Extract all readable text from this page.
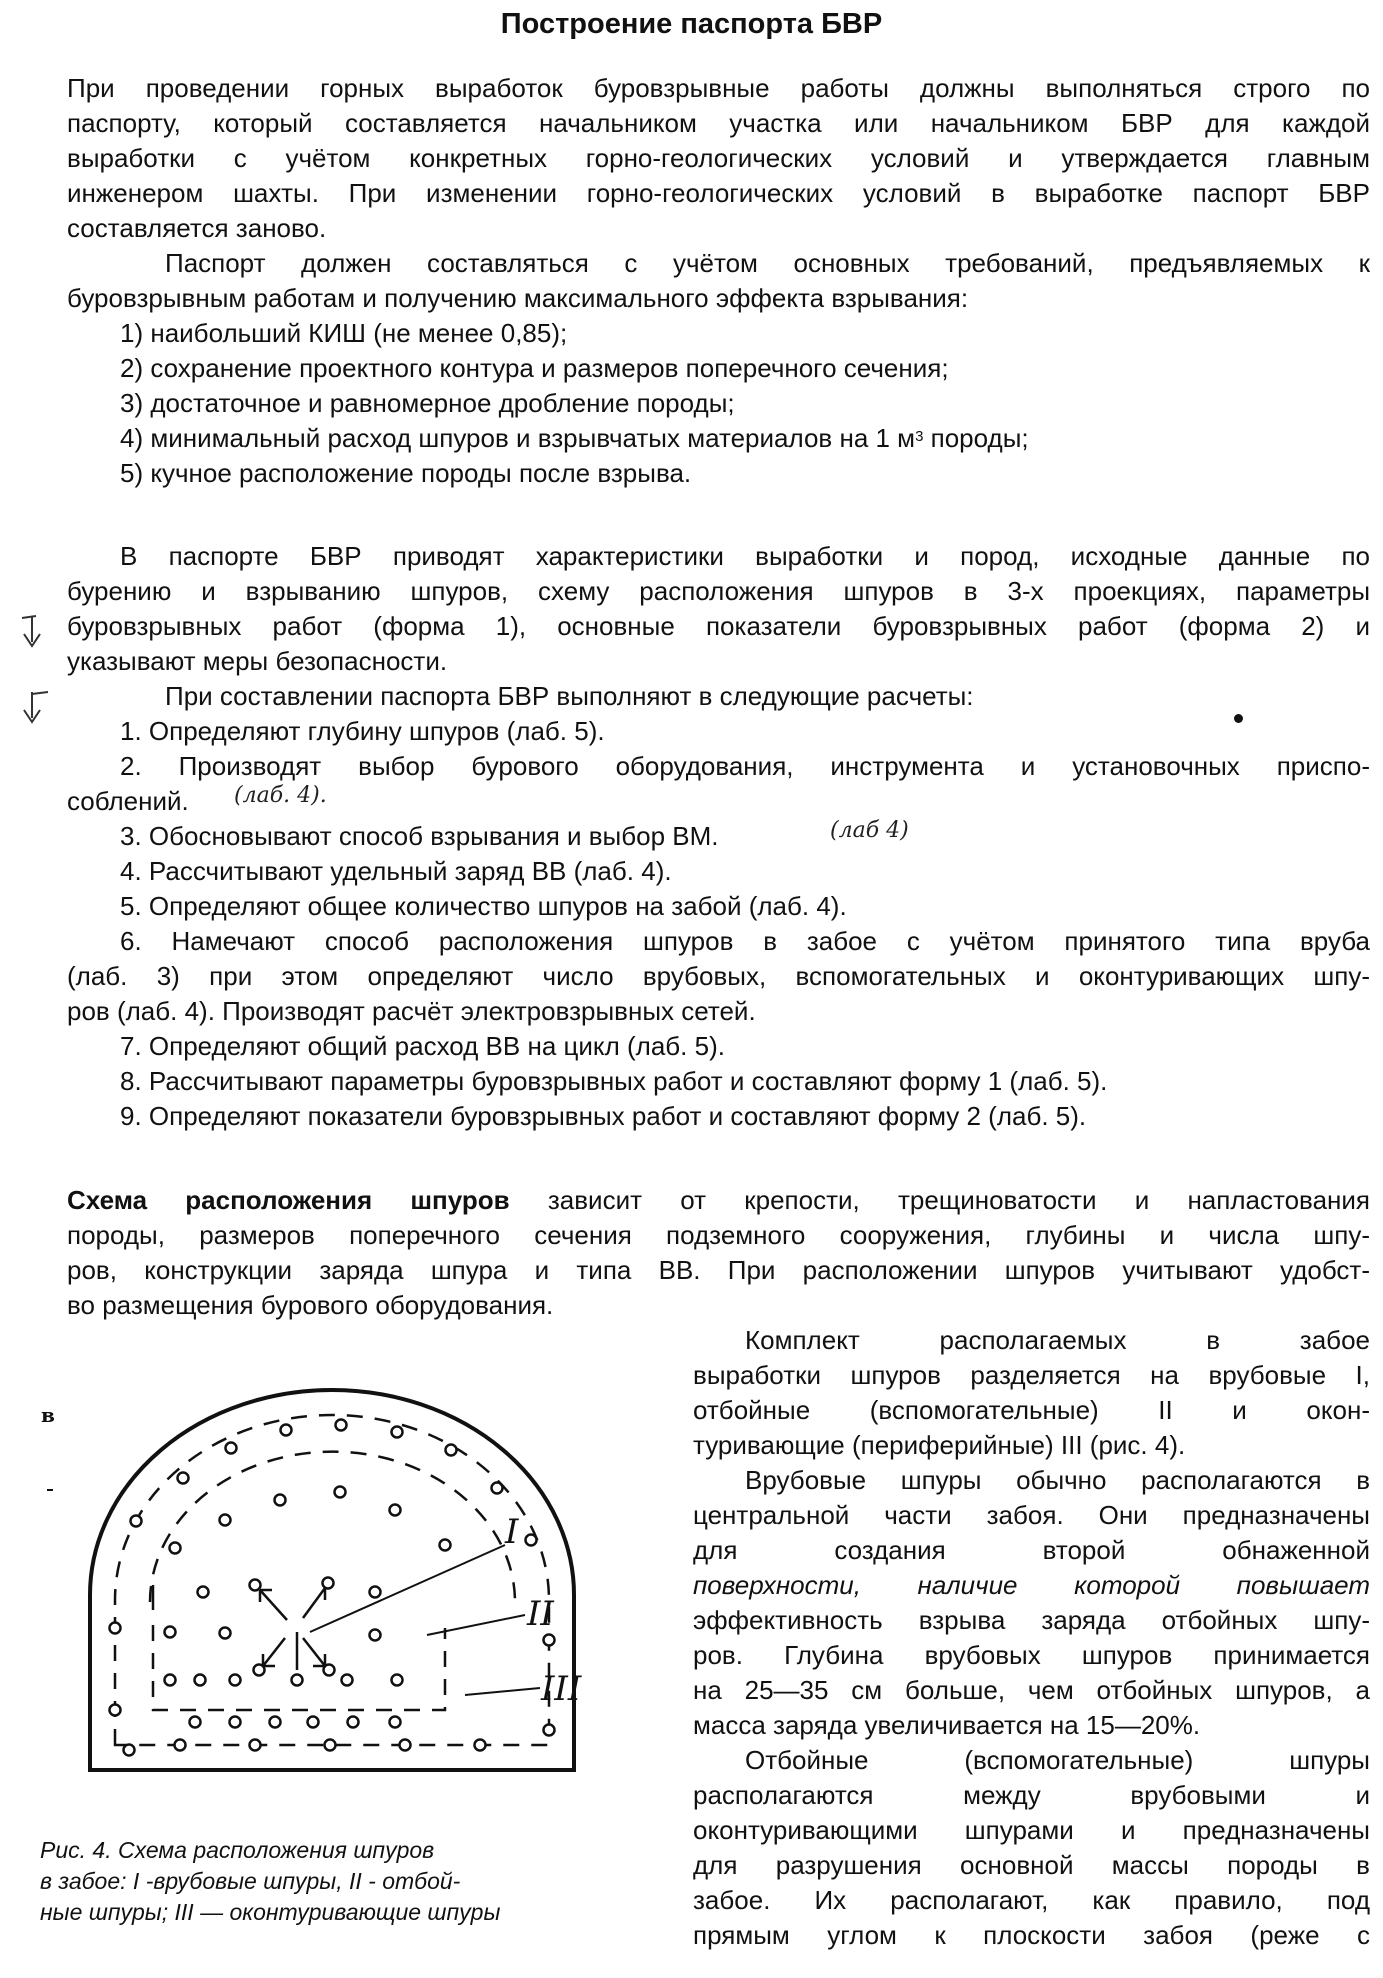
Построение паспорта БВР
При проведении горных выработок буровзрывные работы должны выполняться строго по
паспорту, который составляется начальником участка или начальником БВР для каждой
выработки с учётом конкретных горно-геологических условий и утверждается главным
инженером шахты. При изменении горно-геологических условий в выработке паспорт БВР
составляется заново.
Паспорт должен составляться с учётом основных требований, предъявляемых к
буровзрывным работам и получению максимального эффекта взрывания:
1) наибольший КИШ (не менее 0,85);
2) сохранение проектного контура и размеров поперечного сечения;
3) достаточное и равномерное дробление породы;
4) минимальный расход шпуров и взрывчатых материалов на 1 $м^3$ породы;
5) кучное расположение породы после взрыва.
В паспорте БВР приводят характеристики выработки и пород, исходные данные по
бурению и взрыванию шпуров, схему расположения шпуров в 3-х проекциях, параметры
буровзрывных работ (форма 1), основные показатели буровзрывных работ (форма 2) и
указывают меры безопасности.
При составлении паспорта БВР выполняют в следующие расчеты:
1. Определяют глубину шпуров (лаб. 5).
2. Производят выбор бурового оборудования, инструмента и установочных приспо-
соблений.	(лаб. 4).
3. Обосновывают способ взрывания и выбор ВМ.	(лаб 4)
4. Рассчитывают удельный заряд ВВ (лаб. 4).
5. Определяют общее количество шпуров на забой (лаб. 4).
6. Намечают способ расположения шпуров в забое с учётом принятого типа вруба
(лаб. 3) при этом определяют число врубовых, вспомогательных и оконтуривающих шпу-
ров (лаб. 4). Производят расчёт электровзрывных сетей.
7. Определяют общий расход ВВ на цикл (лаб. 5).
8. Рассчитывают параметры буровзрывных работ и составляют форму 1 (лаб. 5).
9. Определяют показатели буровзрывных работ и составляют форму 2 (лаб. 5).
Схема расположения шпуров зависит от крепости, трещиноватости и напластования
породы, размеров поперечного сечения подземного сооружения, глубины и числа шпу-
ров, конструкции заряда шпура и типа ВВ. При расположении шпуров учитывают удобст-
во размещения бурового оборудования.
Комплект располагаемых в забое
выработки шпуров разделяется на врубовые I,
отбойные (вспомогательные) II и окон-
туривающие (периферийные) III (рис. 4).
Врубовые шпуры обычно располагаются в
центральной части забоя. Они предназначены
для создания второй обнаженной
поверхности, наличие которой повышает
эффективность взрыва заряда отбойных шпу-
ров. Глубина врубовых шпуров принимается
на 25—35 см больше, чем отбойных шпуров, а
масса заряда увеличивается на 15—20%.
Отбойные (вспомогательные) шпуры
располагаются между врубовыми и
оконтуривающими шпурами и предназначены
для разрушения основной массы породы в
забое. Их располагают, как правило, под
прямым углом к плоскости забоя (реже с
в
I
II
III
Рис. 4. Схема расположения шпуров
в забое: I -врубовые шпуры, II - отбой-
ные шпуры; III — оконтуривающие шпуры
